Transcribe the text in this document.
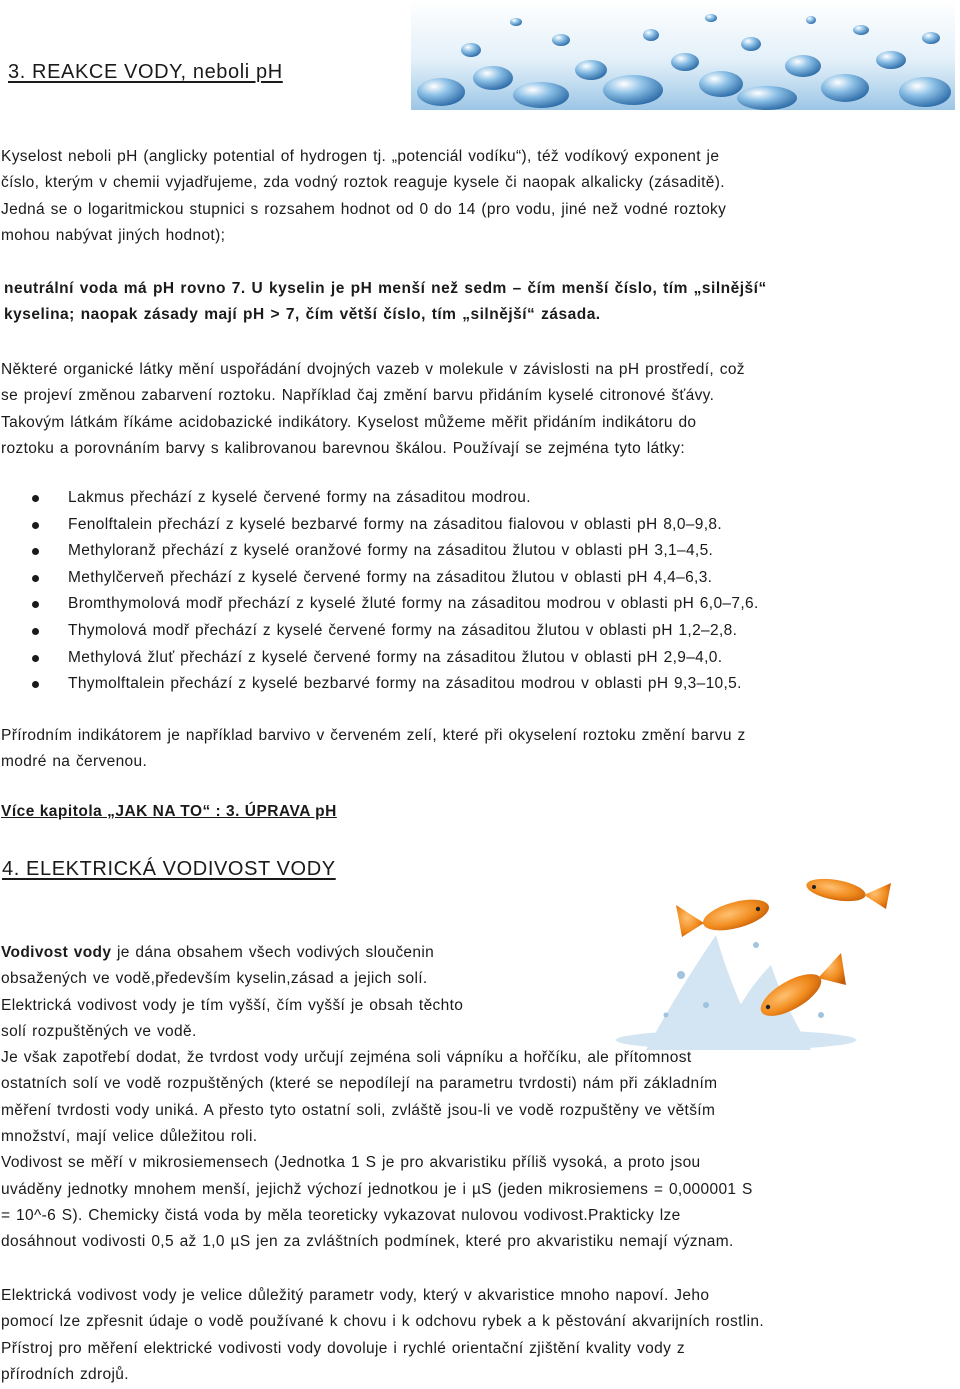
3. REAKCE VODY, neboli pH

Kyselost neboli pH (anglicky potential of hydrogen tj. „potenciál vodíku“), též vodíkový exponent je
číslo, kterým v chemii vyjadřujeme, zda vodný roztok reaguje kysele či naopak alkalicky (zásaditě).
Jedná se o logaritmickou stupnici s rozsahem hodnot od 0 do 14 (pro vodu, jiné než vodné roztoky
mohou nabývat jiných hodnot);

neutrální voda má pH rovno 7. U kyselin je pH menší než sedm – čím menší číslo, tím „silnější“
kyselina; naopak zásady mají pH > 7, čím větší číslo, tím „silnější“ zásada.

Některé organické látky mění uspořádání dvojných vazeb v molekule v závislosti na pH prostředí, což
se projeví změnou zabarvení roztoku. Například čaj změní barvu přidáním kyselé citronové šťávy.
Takovým látkám říkáme acidobazické indikátory. Kyselost můžeme měřit přidáním indikátoru do
roztoku a porovnáním barvy s kalibrovanou barevnou škálou. Používají se zejména tyto látky:

Lakmus přechází z kyselé červené formy na zásaditou modrou.
Fenolftalein přechází z kyselé bezbarvé formy na zásaditou fialovou v oblasti pH 8,0–9,8.
Methyloranž přechází z kyselé oranžové formy na zásaditou žlutou v oblasti pH 3,1–4,5.
Methylčerveň přechází z kyselé červené formy na zásaditou žlutou v oblasti pH 4,4–6,3.
Bromthymolová modř přechází z kyselé žluté formy na zásaditou modrou v oblasti pH 6,0–7,6.
Thymolová modř přechází z kyselé červené formy na zásaditou žlutou v oblasti pH 1,2–2,8.
Methylová žluť přechází z kyselé červené formy na zásaditou žlutou v oblasti pH 2,9–4,0.
Thymolftalein přechází z kyselé bezbarvé formy na zásaditou modrou v oblasti pH 9,3–10,5.

Přírodním indikátorem je například barvivo v červeném zelí, které při okyselení roztoku změní barvu z
modré na červenou.

Více kapitola „JAK NA TO“ : 3. ÚPRAVA pH
4. ELEKTRICKÁ VODIVOST VODY

Vodivost vody je dána obsahem všech vodivých sloučenin
obsažených ve vodě,především kyselin,zásad a jejich solí.
Elektrická vodivost vody je tím vyšší, čím vyšší je obsah těchto
solí rozpuštěných ve vodě.
Je však zapotřebí dodat, že tvrdost vody určují zejména soli vápníku a hořčíku, ale přítomnost
ostatních solí ve vodě rozpuštěných (které se nepodílejí na parametru tvrdosti) nám při základním
měření tvrdosti vody uniká. A přesto tyto ostatní soli, zvláště jsou-li ve vodě rozpuštěny ve větším
množství, mají velice důležitou roli.
Vodivost se měří v mikrosiemensech (Jednotka 1 S je pro akvaristiku příliš vysoká, a proto jsou
uváděny jednotky mnohem menší, jejichž výchozí jednotkou je i µS (jeden mikrosiemens = 0,000001 S
= 10^-6 S). Chemicky čistá voda by měla teoreticky vykazovat nulovou vodivost.Prakticky lze
dosáhnout vodivosti 0,5 až 1,0 µS jen za zvláštních podmínek, které pro akvaristiku nemají význam.

Elektrická vodivost vody je velice důležitý parametr vody, který v akvaristice mnoho napoví. Jeho
pomocí lze zpřesnit údaje o vodě používané k chovu i k odchovu rybek a k pěstování akvarijních rostlin.
Přístroj pro měření elektrické vodivosti vody dovoluje i rychlé orientační zjištění kvality vody z
přírodních zdrojů.
